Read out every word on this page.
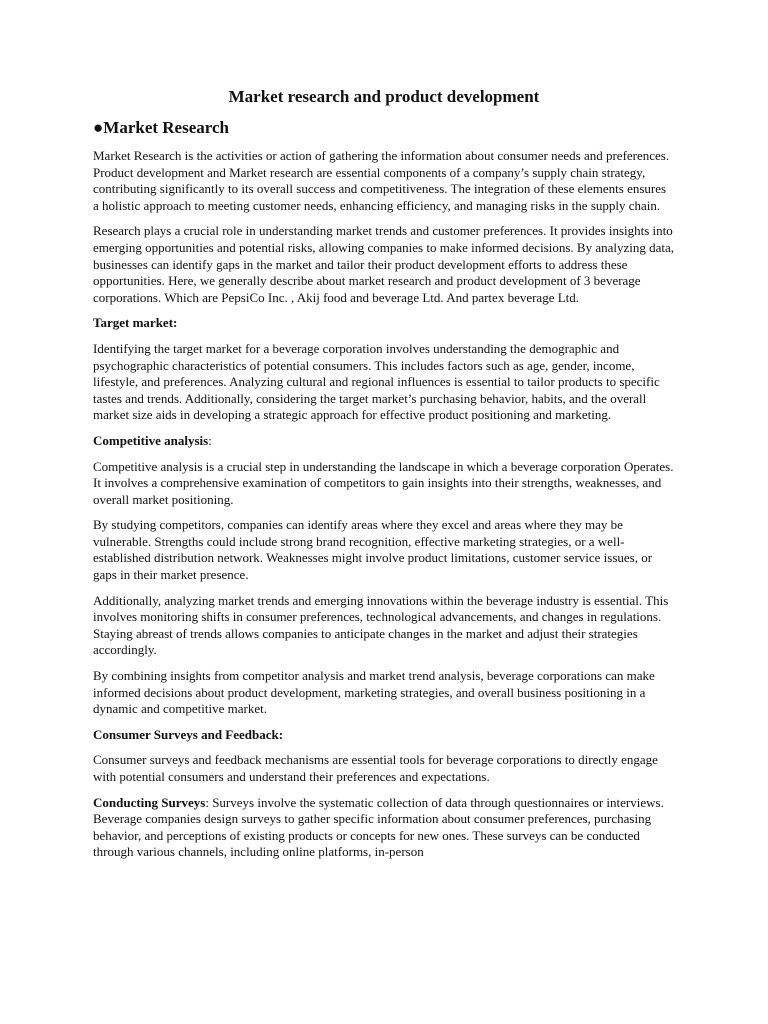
Market research and product development
●Market Research

Market Research is the activities or action of gathering the information about consumer needs and preferences. Product development and Market research are essential components of a company’s supply chain strategy, contributing significantly to its overall success and competitiveness. The integration of these elements ensures a holistic approach to meeting customer needs, enhancing efficiency, and managing risks in the supply chain.

Research plays a crucial role in understanding market trends and customer preferences. It provides insights into emerging opportunities and potential risks, allowing companies to make informed decisions. By analyzing data, businesses can identify gaps in the market and tailor their product development efforts to address these opportunities. Here, we generally describe about market research and product development of 3 beverage corporations. Which are PepsiCo Inc. , Akij food and beverage Ltd. And partex beverage Ltd.

Target market:

Identifying the target market for a beverage corporation involves understanding the demographic and psychographic characteristics of potential consumers. This includes factors such as age, gender, income, lifestyle, and preferences. Analyzing cultural and regional influences is essential to tailor products to specific tastes and trends. Additionally, considering the target market’s purchasing behavior, habits, and the overall market size aids in developing a strategic approach for effective product positioning and marketing.

Competitive analysis:

Competitive analysis is a crucial step in understanding the landscape in which a beverage corporation Operates. It involves a comprehensive examination of competitors to gain insights into their strengths, weaknesses, and overall market positioning.

By studying competitors, companies can identify areas where they excel and areas where they may be vulnerable. Strengths could include strong brand recognition, effective marketing strategies, or a well-established distribution network. Weaknesses might involve product limitations, customer service issues, or gaps in their market presence.

Additionally, analyzing market trends and emerging innovations within the beverage industry is essential. This involves monitoring shifts in consumer preferences, technological advancements, and changes in regulations. Staying abreast of trends allows companies to anticipate changes in the market and adjust their strategies accordingly.

By combining insights from competitor analysis and market trend analysis, beverage corporations can make informed decisions about product development, marketing strategies, and overall business positioning in a dynamic and competitive market.

Consumer Surveys and Feedback:

Consumer surveys and feedback mechanisms are essential tools for beverage corporations to directly engage with potential consumers and understand their preferences and expectations.

Conducting Surveys: Surveys involve the systematic collection of data through questionnaires or interviews. Beverage companies design surveys to gather specific information about consumer preferences, purchasing behavior, and perceptions of existing products or concepts for new ones. These surveys can be conducted through various channels, including online platforms, in-person
